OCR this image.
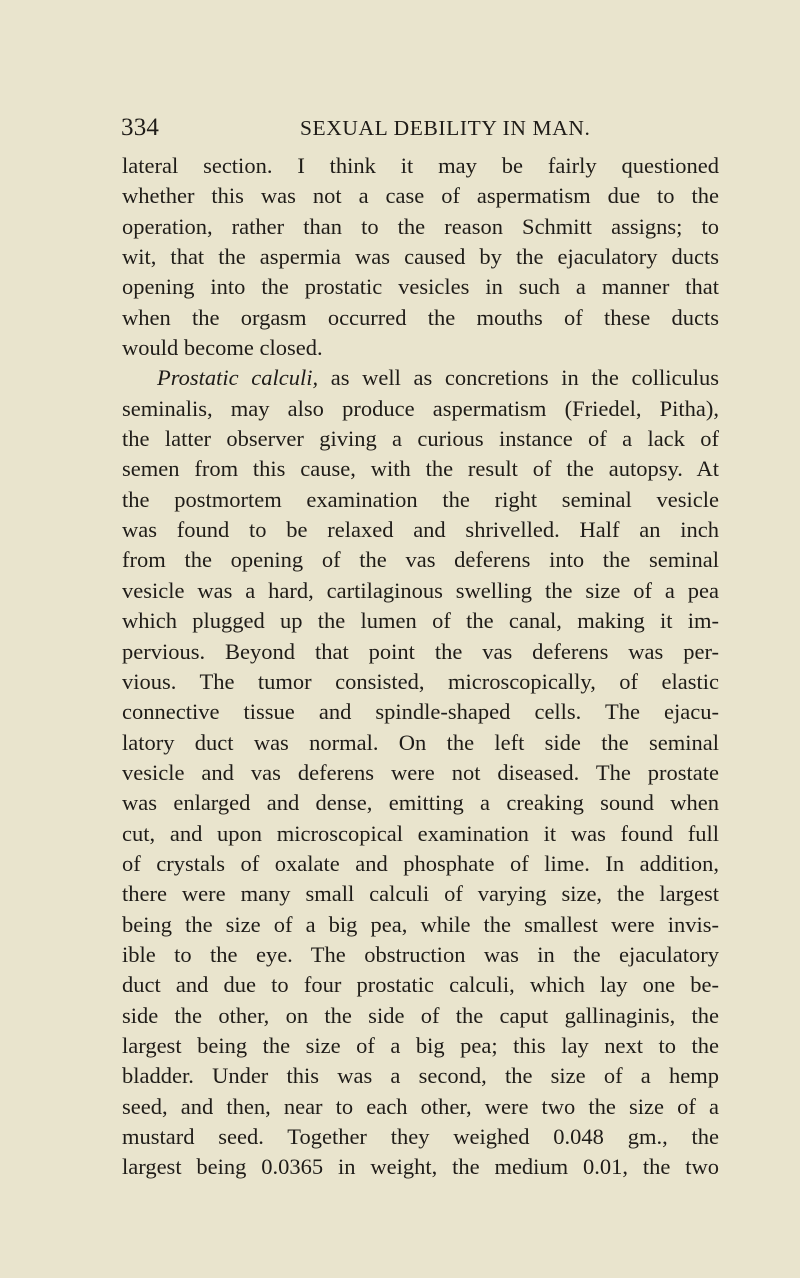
334	SEXUAL DEBILITY IN MAN.
lateral section. I think it may be fairly questioned
whether this was not a case of aspermatism due to the
operation, rather than to the reason Schmitt assigns; to
wit, that the aspermia was caused by the ejaculatory ducts
opening into the prostatic vesicles in such a manner that
when the orgasm occurred the mouths of these ducts
would become closed.
Prostatic calculi, as well as concretions in the colliculus
seminalis, may also produce aspermatism (Friedel, Pitha),
the latter observer giving a curious instance of a lack of
semen from this cause, with the result of the autopsy. At
the postmortem examination the right seminal vesicle
was found to be relaxed and shrivelled. Half an inch
from the opening of the vas deferens into the seminal
vesicle was a hard, cartilaginous swelling the size of a pea
which plugged up the lumen of the canal, making it im-
pervious. Beyond that point the vas deferens was per-
vious. The tumor consisted, microscopically, of elastic
connective tissue and spindle-shaped cells. The ejacu-
latory duct was normal. On the left side the seminal
vesicle and vas deferens were not diseased. The prostate
was enlarged and dense, emitting a creaking sound when
cut, and upon microscopical examination it was found full
of crystals of oxalate and phosphate of lime. In addition,
there were many small calculi of varying size, the largest
being the size of a big pea, while the smallest were invis-
ible to the eye. The obstruction was in the ejaculatory
duct and due to four prostatic calculi, which lay one be-
side the other, on the side of the caput gallinaginis, the
largest being the size of a big pea; this lay next to the
bladder. Under this was a second, the size of a hemp
seed, and then, near to each other, were two the size of a
mustard seed. Together they weighed 0.048 gm., the
largest being 0.0365 in weight, the medium 0.01, the two
